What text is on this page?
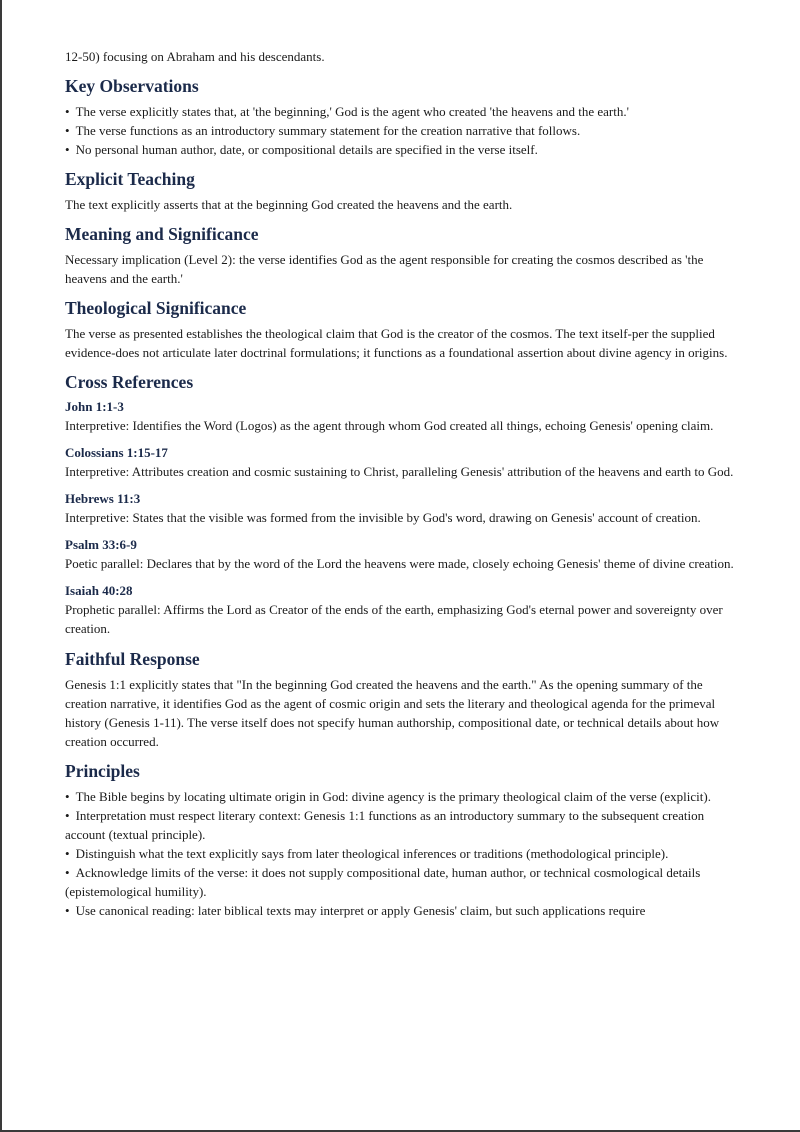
12-50) focusing on Abraham and his descendants.

Key Observations
• The verse explicitly states that, at 'the beginning,' God is the agent who created 'the heavens and the earth.'
• The verse functions as an introductory summary statement for the creation narrative that follows.
• No personal human author, date, or compositional details are specified in the verse itself.
Explicit Teaching

The text explicitly asserts that at the beginning God created the heavens and the earth.

Meaning and Significance

Necessary implication (Level 2): the verse identifies God as the agent responsible for creating the cosmos described as 'the heavens and the earth.'

Theological Significance

The verse as presented establishes the theological claim that God is the creator of the cosmos. The text itself-per the supplied evidence-does not articulate later doctrinal formulations; it functions as a foundational assertion about divine agency in origins.

Cross References
John 1:1-3

Interpretive: Identifies the Word (Logos) as the agent through whom God created all things, echoing Genesis' opening claim.

Colossians 1:15-17

Interpretive: Attributes creation and cosmic sustaining to Christ, paralleling Genesis' attribution of the heavens and earth to God.

Hebrews 11:3

Interpretive: States that the visible was formed from the invisible by God's word, drawing on Genesis' account of creation.

Psalm 33:6-9

Poetic parallel: Declares that by the word of the Lord the heavens were made, closely echoing Genesis' theme of divine creation.

Isaiah 40:28

Prophetic parallel: Affirms the Lord as Creator of the ends of the earth, emphasizing God's eternal power and sovereignty over creation.

Faithful Response

Genesis 1:1 explicitly states that "In the beginning God created the heavens and the earth." As the opening summary of the creation narrative, it identifies God as the agent of cosmic origin and sets the literary and theological agenda for the primeval history (Genesis 1-11). The verse itself does not specify human authorship, compositional date, or technical details about how creation occurred.

Principles
• The Bible begins by locating ultimate origin in God: divine agency is the primary theological claim of the verse (explicit).
• Interpretation must respect literary context: Genesis 1:1 functions as an introductory summary to the subsequent creation account (textual principle).
• Distinguish what the text explicitly says from later theological inferences or traditions (methodological principle).
• Acknowledge limits of the verse: it does not supply compositional date, human author, or technical cosmological details (epistemological humility).
• Use canonical reading: later biblical texts may interpret or apply Genesis' claim, but such applications require
